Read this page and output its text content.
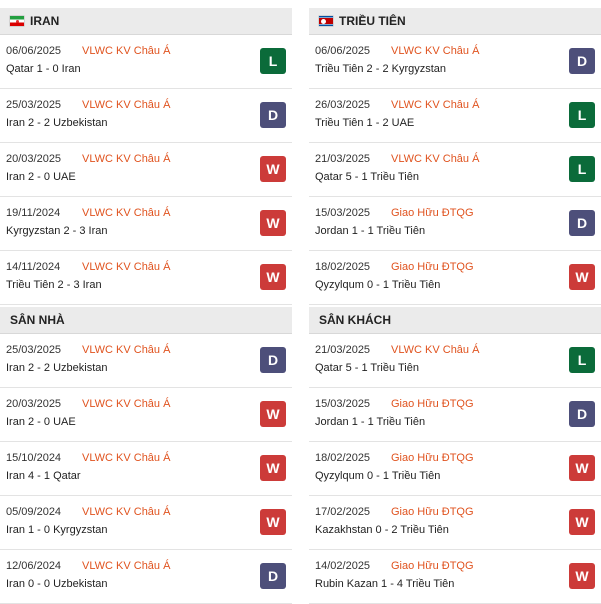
IRAN
06/06/2025 VLWC KV Châu Á
Qatar 1 - 0 Iran	L
25/03/2025 VLWC KV Châu Á
Iran 2 - 2 Uzbekistan	D
20/03/2025 VLWC KV Châu Á
Iran 2 - 0 UAE	W
19/11/2024 VLWC KV Châu Á
Kyrgyzstan 2 - 3 Iran	W
14/11/2024 VLWC KV Châu Á
Triều Tiên 2 - 3 Iran	W
SÂN NHÀ
25/03/2025 VLWC KV Châu Á
Iran 2 - 2 Uzbekistan	D
20/03/2025 VLWC KV Châu Á
Iran 2 - 0 UAE	W
15/10/2024 VLWC KV Châu Á
Iran 4 - 1 Qatar	W
05/09/2024 VLWC KV Châu Á
Iran 1 - 0 Kyrgyzstan	W
12/06/2024 VLWC KV Châu Á
Iran 0 - 0 Uzbekistan	D
TRIỀU TIÊN
06/06/2025 VLWC KV Châu Á
Triều Tiên 2 - 2 Kyrgyzstan	D
26/03/2025 VLWC KV Châu Á
Triều Tiên 1 - 2 UAE	L
21/03/2025 VLWC KV Châu Á
Qatar 5 - 1 Triều Tiên	L
15/03/2025 Giao Hữu ĐTQG
Jordan 1 - 1 Triều Tiên	D
18/02/2025 Giao Hữu ĐTQG
Qyzylqum 0 - 1 Triều Tiên	W
SÂN KHÁCH
21/03/2025 VLWC KV Châu Á
Qatar 5 - 1 Triều Tiên	L
15/03/2025 Giao Hữu ĐTQG
Jordan 1 - 1 Triều Tiên	D
18/02/2025 Giao Hữu ĐTQG
Qyzylqum 0 - 1 Triều Tiên	W
17/02/2025 Giao Hữu ĐTQG
Kazakhstan 0 - 2 Triều Tiên	W
14/02/2025 Giao Hữu ĐTQG
Rubin Kazan 1 - 4 Triều Tiên	W
